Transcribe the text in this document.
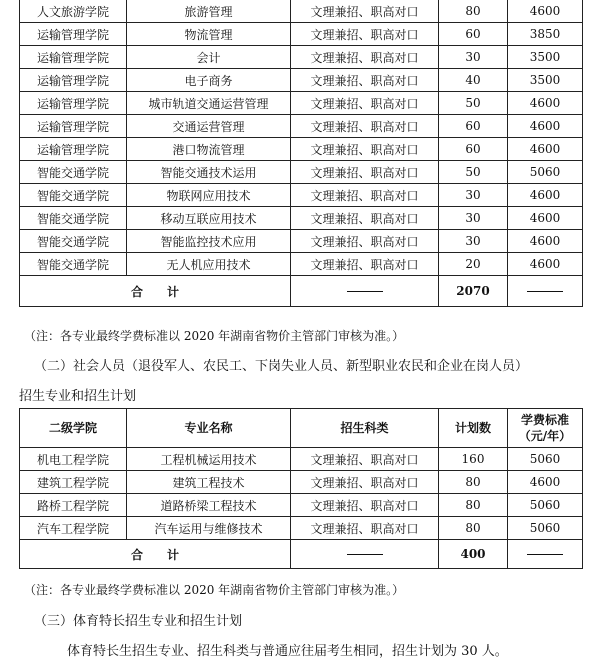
人文旅游学院	旅游管理	文理兼招、职高对口	80	4600
运输管理学院	物流管理	文理兼招、职高对口	60	3850
运输管理学院	会计	文理兼招、职高对口	30	3500
运输管理学院	电子商务	文理兼招、职高对口	40	3500
运输管理学院	城市轨道交通运营管理	文理兼招、职高对口	50	4600
运输管理学院	交通运营管理	文理兼招、职高对口	60	4600
运输管理学院	港口物流管理	文理兼招、职高对口	60	4600
智能交通学院	智能交通技术运用	文理兼招、职高对口	50	5060
智能交通学院	物联网应用技术	文理兼招、职高对口	30	4600
智能交通学院	移动互联应用技术	文理兼招、职高对口	30	4600
智能交通学院	智能监控技术应用	文理兼招、职高对口	30	4600
智能交通学院	无人机应用技术	文理兼招、职高对口	20	4600
合　　计			2070	
（注：各专业最终学费标准以 2020 年湖南省物价主管部门审核为准。）
（二）社会人员（退役军人、农民工、下岗失业人员、新型职业农民和企业在岗人员）
招生专业和招生计划
二级学院	专业名称	招生科类	计划数	学费标准
（元/年）

机电工程学院	工程机械运用技术	文理兼招、职高对口	160	5060
建筑工程学院	建筑工程技术	文理兼招、职高对口	80	4600
路桥工程学院	道路桥梁工程技术	文理兼招、职高对口	80	5060
汽车工程学院	汽车运用与维修技术	文理兼招、职高对口	80	5060
合　　计			400	
（注：各专业最终学费标准以 2020 年湖南省物价主管部门审核为准。）
（三）体育特长招生专业和招生计划
体育特长生招生专业、招生科类与普通应往届考生相同，招生计划为 30 人。
